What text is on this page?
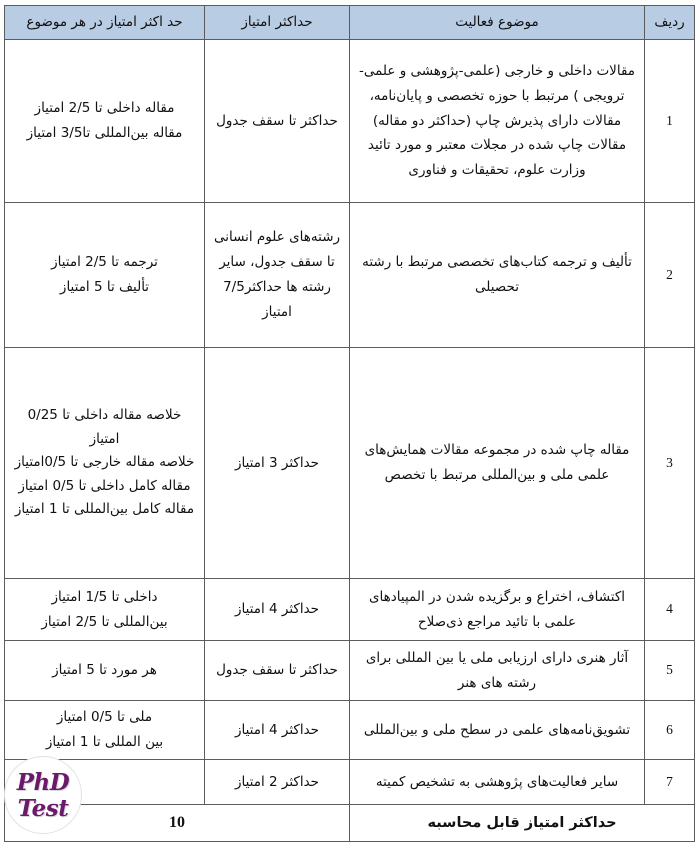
ردیف	موضوع فعالیت	حداکثر امتیاز	حد اکثر امتیاز در هر موضوع
1	مقالات داخلی و خارجی (علمی-پژوهشی و علمی- ترویجی ) مرتبط با حوزه تخصصی و پایان‌نامه، مقالات دارای پذیرش چاپ (حداکثر دو مقاله) مقالات چاپ شده در مجلات معتبر و مورد تائید وزارت علوم، تحقیقات و فناوری	حداکثر تا سقف جدول	مقاله داخلی تا 2/5 امتیاز
مقاله بین‌المللی تا3/5 امتیاز
2	تألیف و ترجمه کتاب‌های تخصصی مرتبط با رشته تحصیلی	رشته‌های علوم انسانی تا سقف جدول، سایر رشته ها حداکثر7/5 امتیاز	ترجمه تا 2/5 امتیاز
تألیف تا 5 امتیاز
3	مقاله چاپ شده در مجموعه مقالات همایش‌های علمی ملی و بین‌المللی مرتبط با تخصص	حداکثر 3 امتیاز	خلاصه مقاله داخلی تا 0/25 امتیاز
خلاصه مقاله خارجی تا 0/5امتیاز
مقاله کامل داخلی تا 0/5 امتیاز
مقاله کامل بین‌المللی تا 1 امتیاز
4	اکتشاف، اختراع و برگزیده شدن در المپیادهای علمی با تائید مراجع ذی‌صلاح	حداکثر 4 امتیاز	داخلی تا 1/5 امتیاز
بین‌المللی تا 2/5 امتیاز
5	آثار هنری دارای ارزیابی ملی یا بین المللی برای رشته های هنر	حداکثر تا سقف جدول	هر مورد تا 5 امتیاز
6	تشویق‌نامه‌های علمی در سطح ملی و بین‌المللی	حداکثر 4 امتیاز	ملی تا 0/5 امتیاز
بین المللی تا 1 امتیاز
7	سایر فعالیت‌های پژوهشی به تشخیص کمیته	حداکثر 2 امتیاز	
حداکثر امتیاز قابل محاسبه		10	
PhD
Test
